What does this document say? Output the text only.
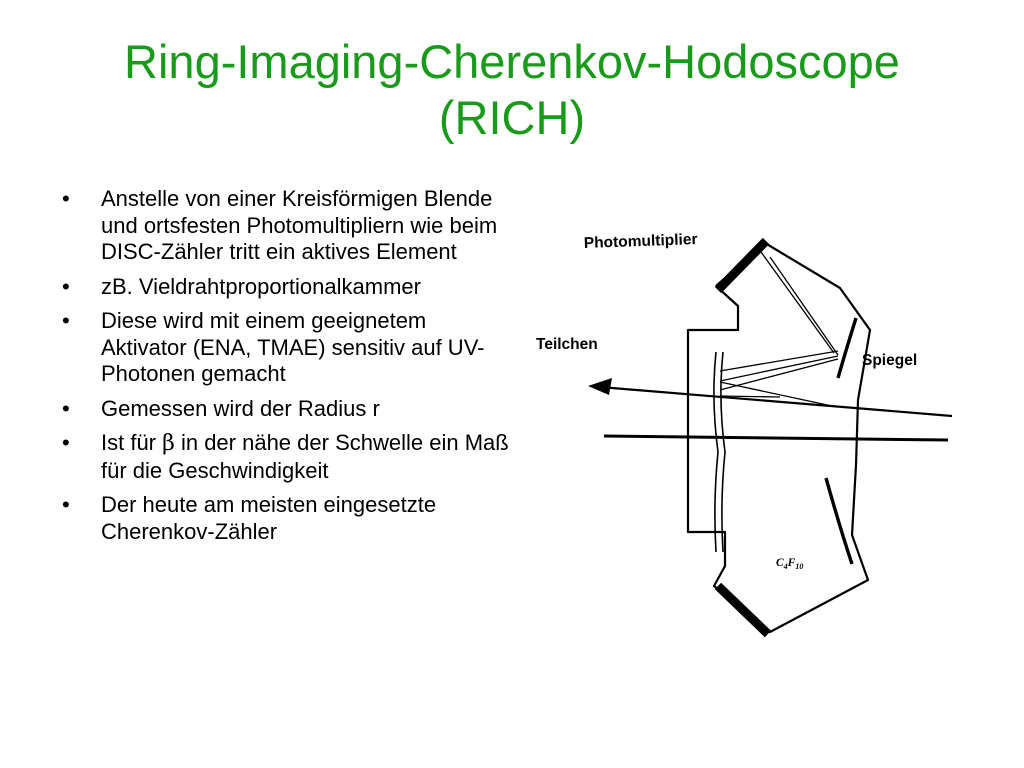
Ring-Imaging-Cherenkov-Hodoscope
(RICH)
• Anstelle von einer Kreisförmigen Blende und ortsfesten Photomultipliern wie beim DISC-Zähler tritt ein aktives Element
• zB. Vieldrahtproportionalkammer
• Diese wird mit einem geeignetem Aktivator (ENA, TMAE) sensitiv auf UV-Photonen gemacht
• Gemessen wird der Radius r
• Ist für β in der nähe der Schwelle ein Maß für die Geschwindigkeit
• Der heute am meisten eingesetzte Cherenkov-Zähler
Photomultiplier
Teilchen
Spiegel
$C_4F_{10}$
